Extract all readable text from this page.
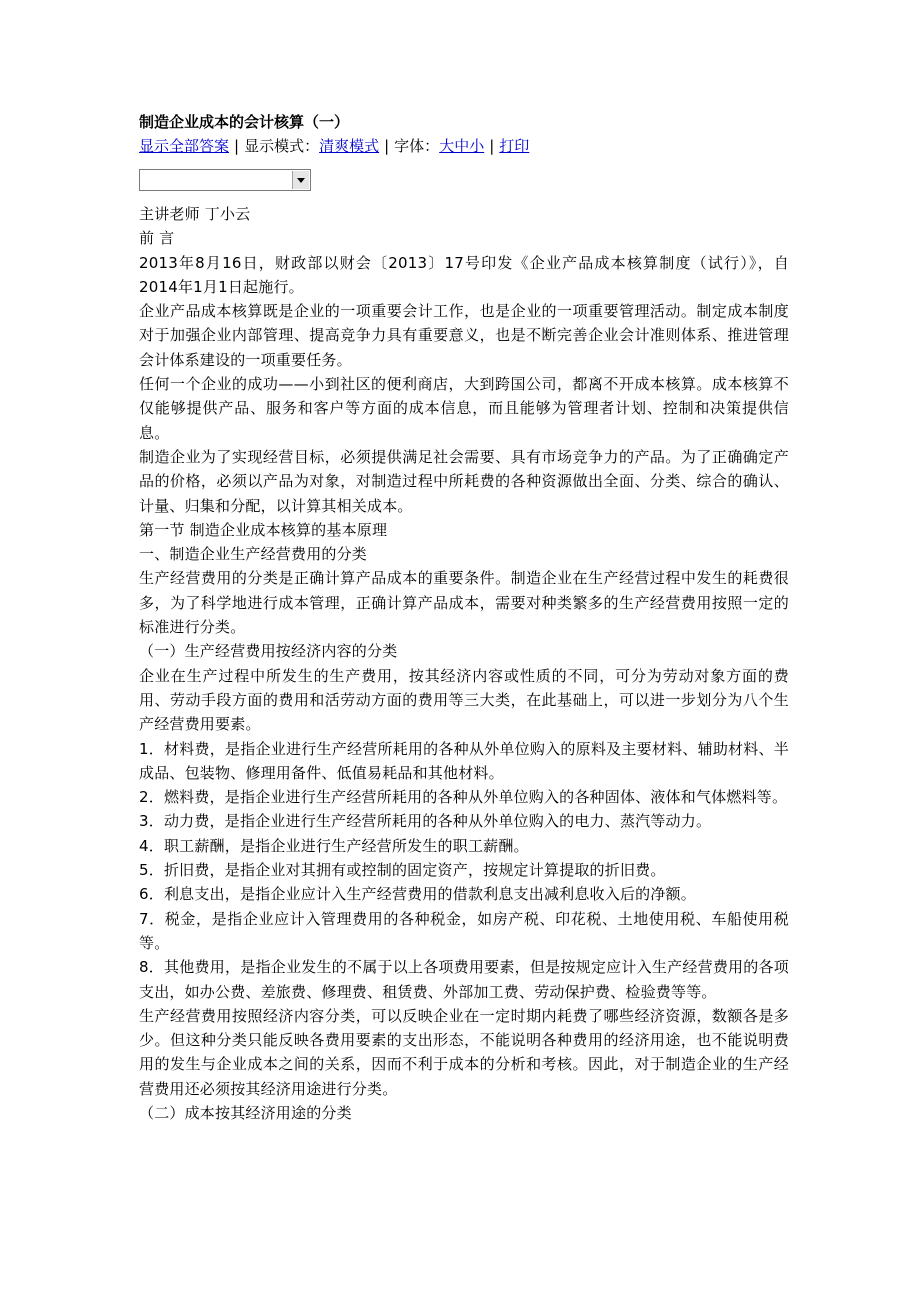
制造企业成本的会计核算（一）
显示全部答案 | 显示模式：清爽模式 | 字体：大中小 | 打印

主讲老师 丁小云

前 言

2013年8月16日，财政部以财会〔2013〕17号印发《企业产品成本核算制度（试行）》，自2014年1月1日起施行。

企业产品成本核算既是企业的一项重要会计工作，也是企业的一项重要管理活动。制定成本制度对于加强企业内部管理、提高竞争力具有重要意义，也是不断完善企业会计准则体系、推进管理会计体系建设的一项重要任务。

任何一个企业的成功——小到社区的便利商店，大到跨国公司，都离不开成本核算。成本核算不仅能够提供产品、服务和客户等方面的成本信息，而且能够为管理者计划、控制和决策提供信息。

制造企业为了实现经营目标，必须提供满足社会需要、具有市场竞争力的产品。为了正确确定产品的价格，必须以产品为对象，对制造过程中所耗费的各种资源做出全面、分类、综合的确认、计量、归集和分配，以计算其相关成本。

第一节 制造企业成本核算的基本原理

一、制造企业生产经营费用的分类

生产经营费用的分类是正确计算产品成本的重要条件。制造企业在生产经营过程中发生的耗费很多，为了科学地进行成本管理，正确计算产品成本，需要对种类繁多的生产经营费用按照一定的标准进行分类。

（一）生产经营费用按经济内容的分类

企业在生产过程中所发生的生产费用，按其经济内容或性质的不同，可分为劳动对象方面的费用、劳动手段方面的费用和活劳动方面的费用等三大类，在此基础上，可以进一步划分为八个生产经营费用要素。

1．材料费，是指企业进行生产经营所耗用的各种从外单位购入的原料及主要材料、辅助材料、半成品、包装物、修理用备件、低值易耗品和其他材料。

2．燃料费，是指企业进行生产经营所耗用的各种从外单位购入的各种固体、液体和气体燃料等。

3．动力费，是指企业进行生产经营所耗用的各种从外单位购入的电力、蒸汽等动力。

4．职工薪酬，是指企业进行生产经营所发生的职工薪酬。

5．折旧费，是指企业对其拥有或控制的固定资产，按规定计算提取的折旧费。

6．利息支出，是指企业应计入生产经营费用的借款利息支出减利息收入后的净额。

7．税金，是指企业应计入管理费用的各种税金，如房产税、印花税、土地使用税、车船使用税等。

8．其他费用，是指企业发生的不属于以上各项费用要素，但是按规定应计入生产经营费用的各项支出，如办公费、差旅费、修理费、租赁费、外部加工费、劳动保护费、检验费等等。

生产经营费用按照经济内容分类，可以反映企业在一定时期内耗费了哪些经济资源，数额各是多少。但这种分类只能反映各费用要素的支出形态，不能说明各种费用的经济用途，也不能说明费用的发生与企业成本之间的关系，因而不利于成本的分析和考核。因此，对于制造企业的生产经营费用还必须按其经济用途进行分类。

（二）成本按其经济用途的分类
